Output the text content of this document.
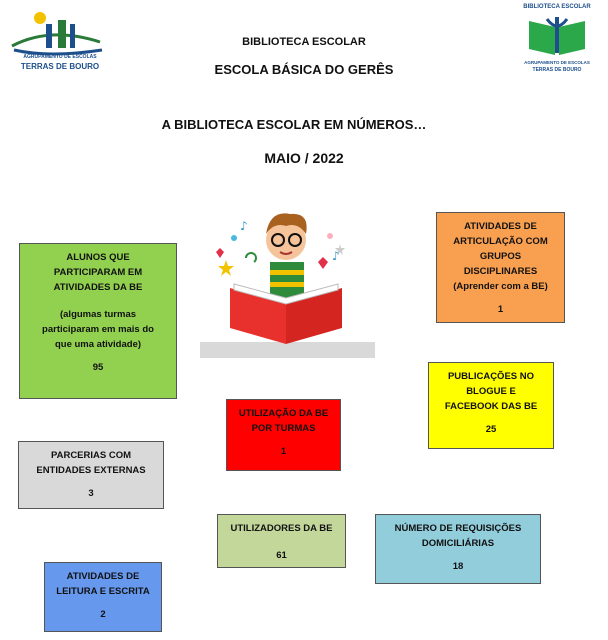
AGRUPAMENTO DE ESCOLAS
TERRAS DE BOURO
BIBLIOTECA ESCOLAR
AGRUPAMENTO DE ESCOLAS
TERRAS DE BOURO
BIBLIOTECA ESCOLAR
ESCOLA BÁSICA DO GERÊS
A BIBLIOTECA ESCOLAR EM NÚMEROS…
MAIO / 2022
♪
♪
ALUNOS QUE
PARTICIPARAM EM
ATIVIDADES DA BE
(algumas turmas
participaram em mais do
que uma atividade)
95
ATIVIDADES DE
ARTICULAÇÃO COM
GRUPOS
DISCIPLINARES
(Aprender com a BE)
1
PUBLICAÇÕES NO
BLOGUE E
FACEBOOK DAS BE
25
UTILIZAÇÃO DA BE
POR TURMAS
1
PARCERIAS COM
ENTIDADES EXTERNAS
3
UTILIZADORES DA BE
61
NÚMERO DE REQUISIÇÕES
DOMICILIÁRIAS
18
ATIVIDADES DE
LEITURA E ESCRITA
2
